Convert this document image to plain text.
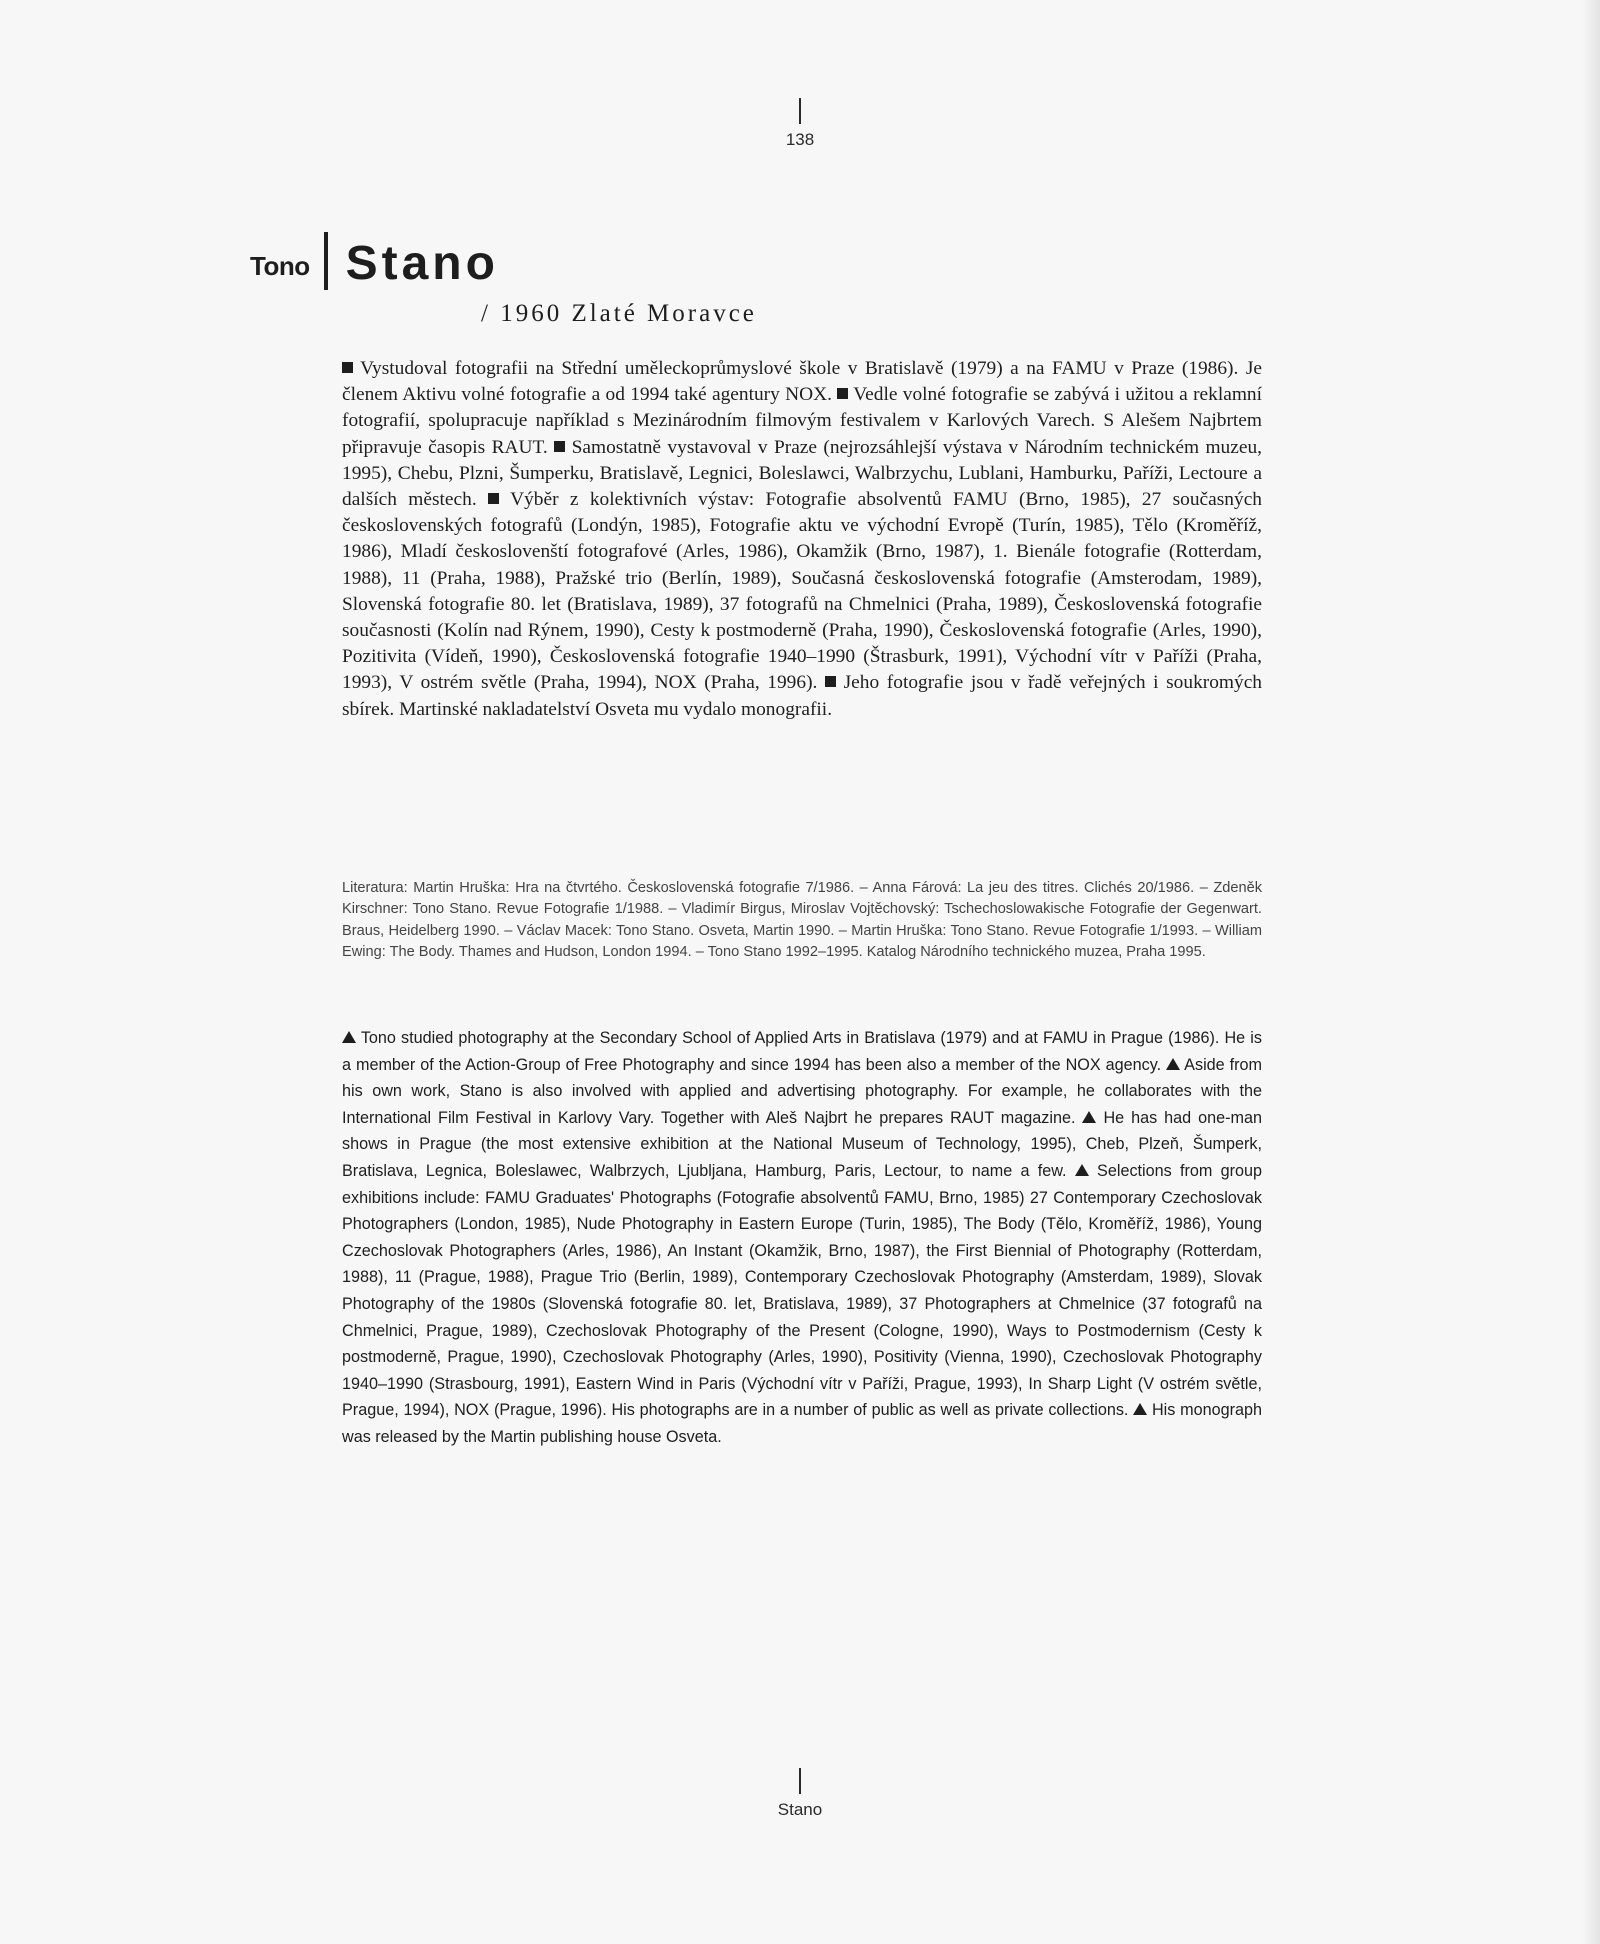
138
Tono Stano
/ 1960 Zlaté Moravce

Vystudoval fotografii na Střední uměleckoprůmyslové škole v Bratislavě (1979) a na FAMU v Praze (1986). Je členem Aktivu volné fotografie a od 1994 také agentury NOX. Vedle volné fotografie se zabývá i užitou a reklamní fotografií, spolupracuje například s Mezinárodním filmovým festivalem v Karlových Varech. S Alešem Najbrtem připravuje časopis RAUT. Samostatně vystavoval v Praze (nejrozsáhlejší výstava v Národním technickém muzeu, 1995), Chebu, Plzni, Šumperku, Bratislavě, Legnici, Boleslawci, Walbrzychu, Lublani, Hamburku, Paříži, Lectoure a dalších městech. Výběr z kolektivních výstav: Fotografie absolventů FAMU (Brno, 1985), 27 současných československých fotografů (Londýn, 1985), Fotografie aktu ve východní Evropě (Turín, 1985), Tělo (Kroměříž, 1986), Mladí českoslovenští fotografové (Arles, 1986), Okamžik (Brno, 1987), 1. Bienále fotografie (Rotterdam, 1988), 11 (Praha, 1988), Pražské trio (Berlín, 1989), Současná československá fotografie (Amsterodam, 1989), Slovenská fotografie 80. let (Bratislava, 1989), 37 fotografů na Chmelnici (Praha, 1989), Československá fotografie současnosti (Kolín nad Rýnem, 1990), Cesty k postmoderně (Praha, 1990), Československá fotografie (Arles, 1990), Pozitivita (Vídeň, 1990), Československá fotografie 1940–1990 (Štrasburk, 1991), Východní vítr v Paříži (Praha, 1993), V ostrém světle (Praha, 1994), NOX (Praha, 1996). Jeho fotografie jsou v řadě veřejných i soukromých sbírek. Martinské nakladatelství Osveta mu vydalo monografii.

Literatura: Martin Hruška: Hra na čtvrtého. Československá fotografie 7/1986. – Anna Fárová: La jeu des titres. Clichés 20/1986. – Zdeněk Kirschner: Tono Stano. Revue Fotografie 1/1988. – Vladimír Birgus, Miroslav Vojtěchovský: Tschechoslowakische Fotografie der Gegenwart. Braus, Heidelberg 1990. – Václav Macek: Tono Stano. Osveta, Martin 1990. – Martin Hruška: Tono Stano. Revue Fotografie 1/1993. – William Ewing: The Body. Thames and Hudson, London 1994. – Tono Stano 1992–1995. Katalog Národního technického muzea, Praha 1995.

Tono studied photography at the Secondary School of Applied Arts in Bratislava (1979) and at FAMU in Prague (1986). He is a member of the Action-Group of Free Photography and since 1994 has been also a member of the NOX agency. Aside from his own work, Stano is also involved with applied and advertising photography. For example, he collaborates with the International Film Festival in Karlovy Vary. Together with Aleš Najbrt he prepares RAUT magazine. He has had one-man shows in Prague (the most extensive exhibition at the National Museum of Technology, 1995), Cheb, Plzeň, Šumperk, Bratislava, Legnica, Boleslawec, Walbrzych, Ljubljana, Hamburg, Paris, Lectour, to name a few. Selections from group exhibitions include: FAMU Graduates' Photographs (Fotografie absolventů FAMU, Brno, 1985) 27 Contemporary Czechoslovak Photographers (London, 1985), Nude Photography in Eastern Europe (Turin, 1985), The Body (Tělo, Kroměříž, 1986), Young Czechoslovak Photographers (Arles, 1986), An Instant (Okamžik, Brno, 1987), the First Biennial of Photography (Rotterdam, 1988), 11 (Prague, 1988), Prague Trio (Berlin, 1989), Contemporary Czechoslovak Photography (Amsterdam, 1989), Slovak Photography of the 1980s (Slovenská fotografie 80. let, Bratislava, 1989), 37 Photographers at Chmelnice (37 fotografů na Chmelnici, Prague, 1989), Czechoslovak Photography of the Present (Cologne, 1990), Ways to Postmodernism (Cesty k postmoderně, Prague, 1990), Czechoslovak Photography (Arles, 1990), Positivity (Vienna, 1990), Czechoslovak Photography 1940–1990 (Strasbourg, 1991), Eastern Wind in Paris (Východní vítr v Paříži, Prague, 1993), In Sharp Light (V ostrém světle, Prague, 1994), NOX (Prague, 1996). His photographs are in a number of public as well as private collections. His monograph was released by the Martin publishing house Osveta.

Stano
